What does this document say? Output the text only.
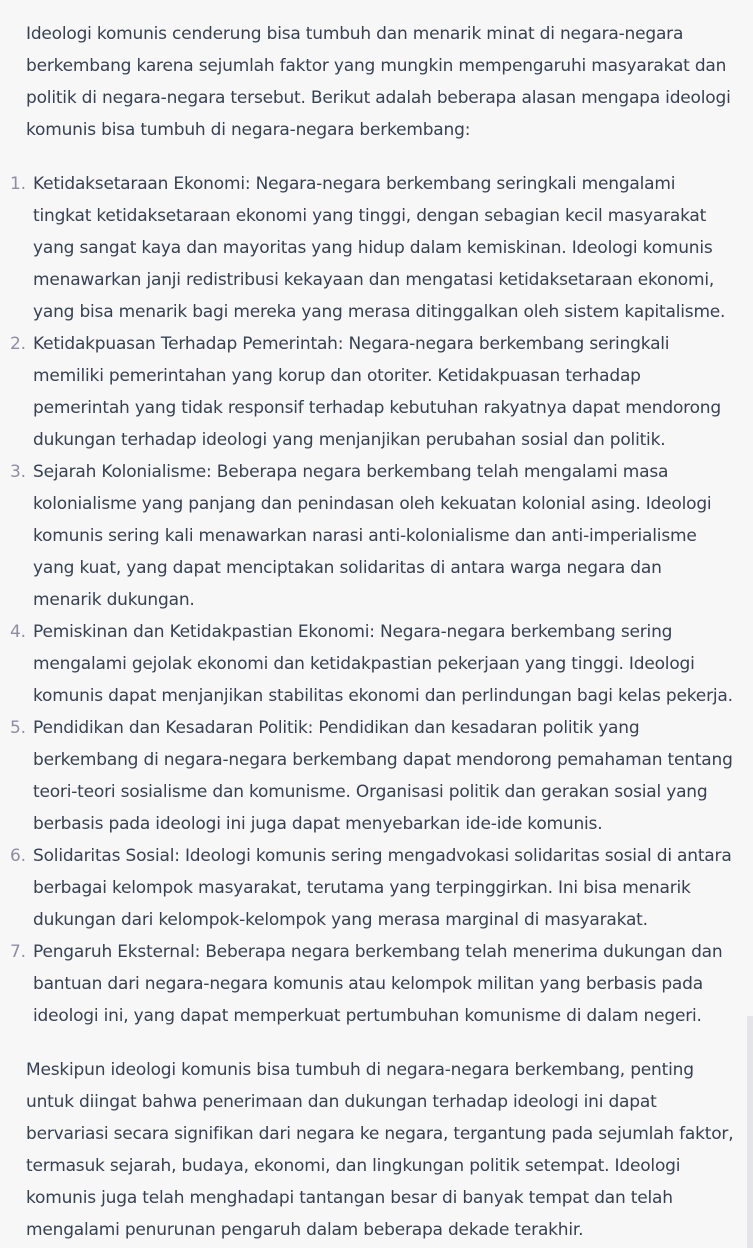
Ideologi komunis cenderung bisa tumbuh dan menarik minat di negara-negara berkembang karena sejumlah faktor yang mungkin mempengaruhi masyarakat dan politik di negara-negara tersebut. Berikut adalah beberapa alasan mengapa ideologi komunis bisa tumbuh di negara-negara berkembang:

1. Ketidaksetaraan Ekonomi: Negara-negara berkembang seringkali mengalami tingkat ketidaksetaraan ekonomi yang tinggi, dengan sebagian kecil masyarakat yang sangat kaya dan mayoritas yang hidup dalam kemiskinan. Ideologi komunis menawarkan janji redistribusi kekayaan dan mengatasi ketidaksetaraan ekonomi, yang bisa menarik bagi mereka yang merasa ditinggalkan oleh sistem kapitalisme.
2. Ketidakpuasan Terhadap Pemerintah: Negara-negara berkembang seringkali memiliki pemerintahan yang korup dan otoriter. Ketidakpuasan terhadap pemerintah yang tidak responsif terhadap kebutuhan rakyatnya dapat mendorong dukungan terhadap ideologi yang menjanjikan perubahan sosial dan politik.
3. Sejarah Kolonialisme: Beberapa negara berkembang telah mengalami masa kolonialisme yang panjang dan penindasan oleh kekuatan kolonial asing. Ideologi komunis sering kali menawarkan narasi anti-kolonialisme dan anti-imperialisme yang kuat, yang dapat menciptakan solidaritas di antara warga negara dan menarik dukungan.
4. Pemiskinan dan Ketidakpastian Ekonomi: Negara-negara berkembang sering mengalami gejolak ekonomi dan ketidakpastian pekerjaan yang tinggi. Ideologi komunis dapat menjanjikan stabilitas ekonomi dan perlindungan bagi kelas pekerja.
5. Pendidikan dan Kesadaran Politik: Pendidikan dan kesadaran politik yang berkembang di negara-negara berkembang dapat mendorong pemahaman tentang teori-teori sosialisme dan komunisme. Organisasi politik dan gerakan sosial yang berbasis pada ideologi ini juga dapat menyebarkan ide-ide komunis.
6. Solidaritas Sosial: Ideologi komunis sering mengadvokasi solidaritas sosial di antara berbagai kelompok masyarakat, terutama yang terpinggirkan. Ini bisa menarik dukungan dari kelompok-kelompok yang merasa marginal di masyarakat.
7. Pengaruh Eksternal: Beberapa negara berkembang telah menerima dukungan dan bantuan dari negara-negara komunis atau kelompok militan yang berbasis pada ideologi ini, yang dapat memperkuat pertumbuhan komunisme di dalam negeri.

Meskipun ideologi komunis bisa tumbuh di negara-negara berkembang, penting untuk diingat bahwa penerimaan dan dukungan terhadap ideologi ini dapat bervariasi secara signifikan dari negara ke negara, tergantung pada sejumlah faktor, termasuk sejarah, budaya, ekonomi, dan lingkungan politik setempat. Ideologi komunis juga telah menghadapi tantangan besar di banyak tempat dan telah mengalami penurunan pengaruh dalam beberapa dekade terakhir.
